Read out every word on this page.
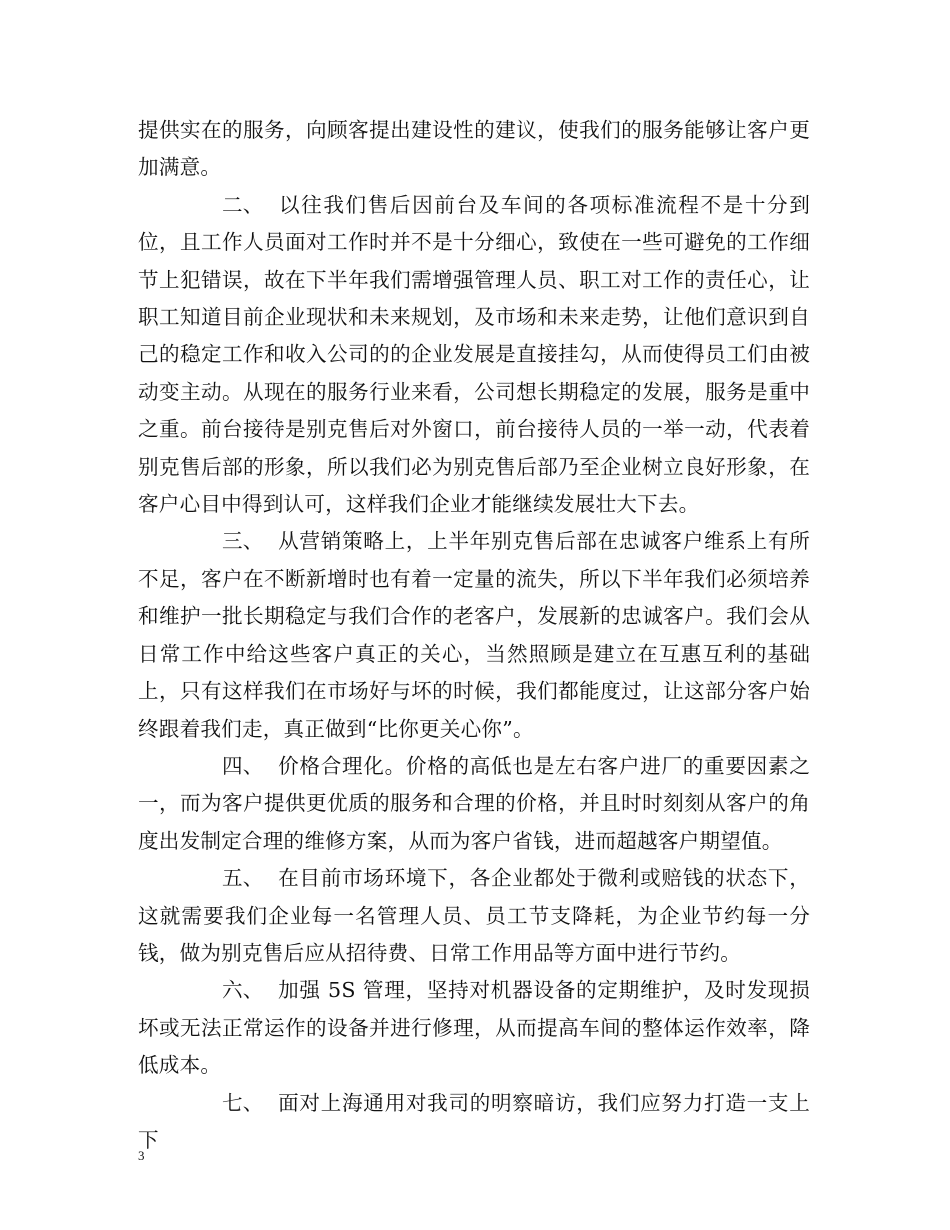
提供实在的服务，向顾客提出建设性的建议，使我们的服务能够让客户更加满意。

二、 以往我们售后因前台及车间的各项标准流程不是十分到位，且工作人员面对工作时并不是十分细心，致使在一些可避免的工作细节上犯错误，故在下半年我们需增强管理人员、职工对工作的责任心，让职工知道目前企业现状和未来规划，及市场和未来走势，让他们意识到自己的稳定工作和收入公司的的企业发展是直接挂勾，从而使得员工们由被动变主动。从现在的服务行业来看，公司想长期稳定的发展，服务是重中之重。前台接待是别克售后对外窗口，前台接待人员的一举一动，代表着别克售后部的形象，所以我们必为别克售后部乃至企业树立良好形象，在客户心目中得到认可，这样我们企业才能继续发展壮大下去。

三、 从营销策略上，上半年别克售后部在忠诚客户维系上有所不足，客户在不断新增时也有着一定量的流失，所以下半年我们必须培养和维护一批长期稳定与我们合作的老客户，发展新的忠诚客户。我们会从日常工作中给这些客户真正的关心，当然照顾是建立在互惠互利的基础上，只有这样我们在市场好与坏的时候，我们都能度过，让这部分客户始终跟着我们走，真正做到“比你更关心你”。

四、 价格合理化。价格的高低也是左右客户进厂的重要因素之一，而为客户提供更优质的服务和合理的价格，并且时时刻刻从客户的角度出发制定合理的维修方案，从而为客户省钱，进而超越客户期望值。

五、 在目前市场环境下，各企业都处于微利或赔钱的状态下，这就需要我们企业每一名管理人员、员工节支降耗，为企业节约每一分钱，做为别克售后应从招待费、日常工作用品等方面中进行节约。

六、 加强 5S 管理，坚持对机器设备的定期维护，及时发现损坏或无法正常运作的设备并进行修理，从而提高车间的整体运作效率，降低成本。

七、 面对上海通用对我司的明察暗访，我们应努力打造一支上下

3
